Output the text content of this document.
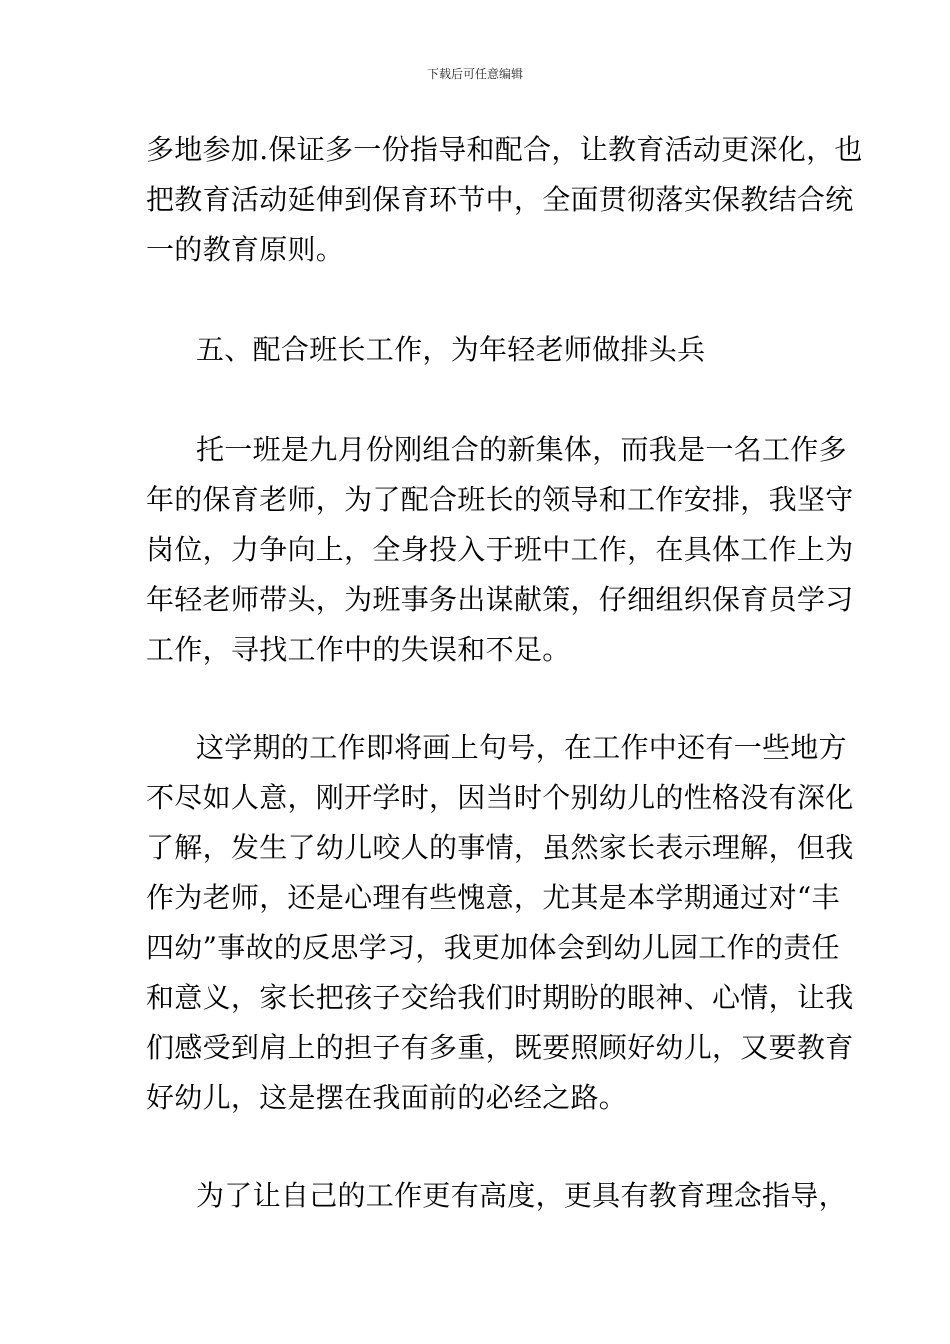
下载后可任意编辑
多地参加.保证多一份指导和配合，让教育活动更深化，也
把教育活动延伸到保育环节中，全面贯彻落实保教结合统
一的教育原则。
五、配合班长工作，为年轻老师做排头兵
托一班是九月份刚组合的新集体，而我是一名工作多
年的保育老师，为了配合班长的领导和工作安排，我坚守
岗位，力争向上，全身投入于班中工作，在具体工作上为
年轻老师带头，为班事务出谋献策，仔细组织保育员学习
工作，寻找工作中的失误和不足。
这学期的工作即将画上句号，在工作中还有一些地方
不尽如人意，刚开学时，因当时个别幼儿的性格没有深化
了解，发生了幼儿咬人的事情，虽然家长表示理解，但我
作为老师，还是心理有些愧意，尤其是本学期通过对“丰
四幼”事故的反思学习，我更加体会到幼儿园工作的责任
和意义，家长把孩子交给我们时期盼的眼神、心情，让我
们感受到肩上的担子有多重，既要照顾好幼儿，又要教育
好幼儿，这是摆在我面前的必经之路。
为了让自己的工作更有高度，更具有教育理念指导，
